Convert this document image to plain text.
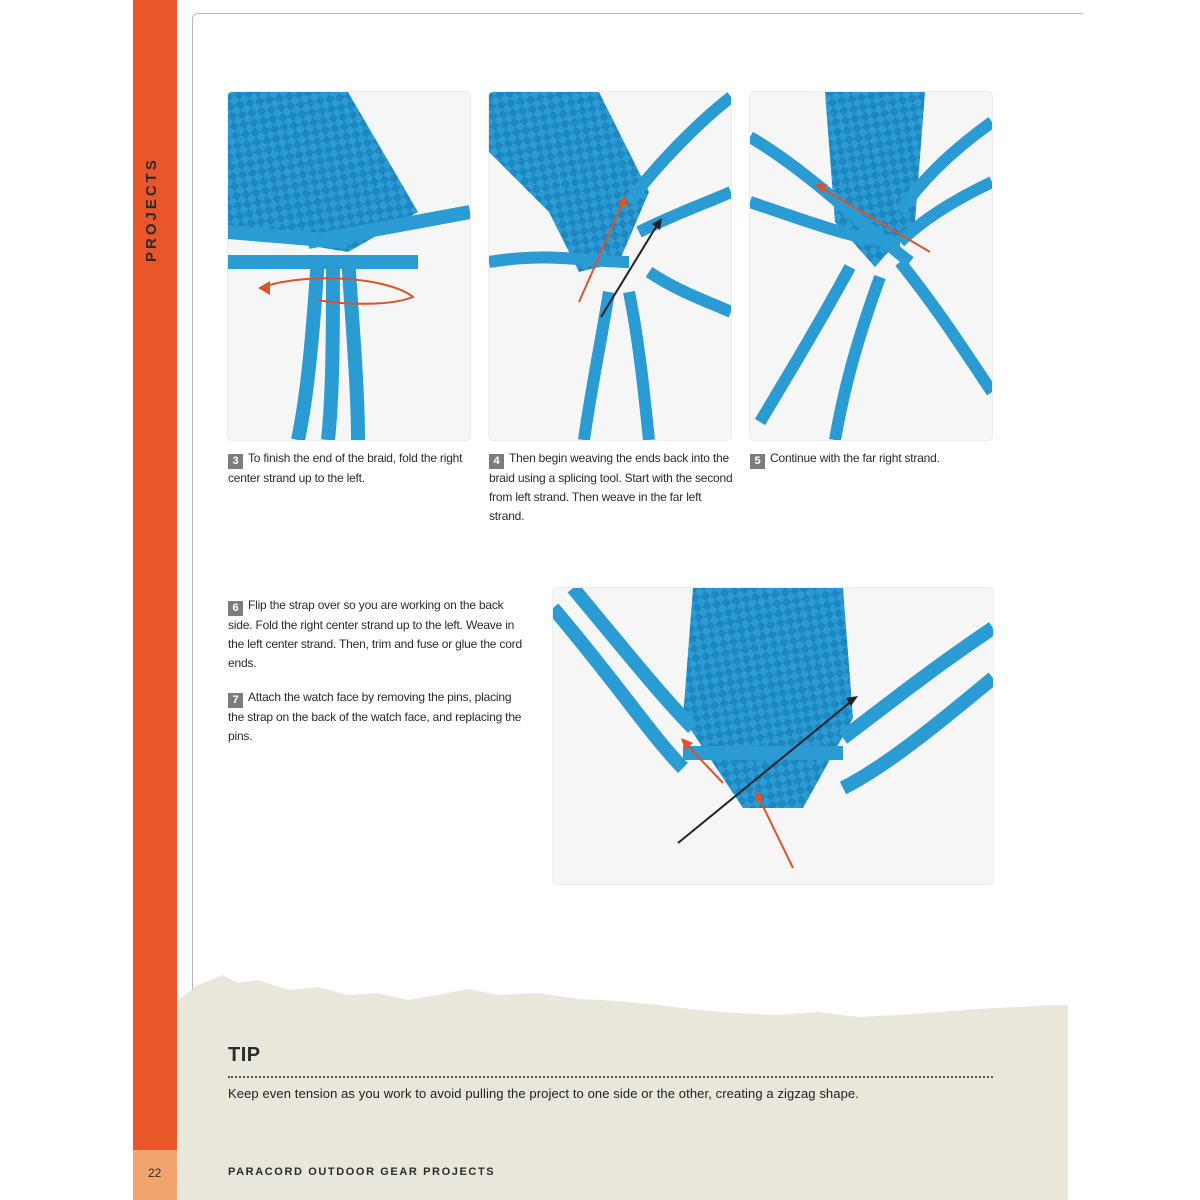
PROJECTS
3 To finish the end of the braid, fold the right center strand up to the left.
4 Then begin weaving the ends back into the braid using a splicing tool. Start with the second from left strand. Then weave in the far left strand.
5 Continue with the far right strand.
6 Flip the strap over so you are working on the back side. Fold the right center strand up to the left. Weave in the left center strand. Then, trim and fuse or glue the cord ends.
7 Attach the watch face by removing the pins, placing the strap on the back of the watch face, and replacing the pins.
TIP
Keep even tension as you work to avoid pulling the project to one side or the other, creating a zigzag shape.
22	PARACORD OUTDOOR GEAR PROJECTS
